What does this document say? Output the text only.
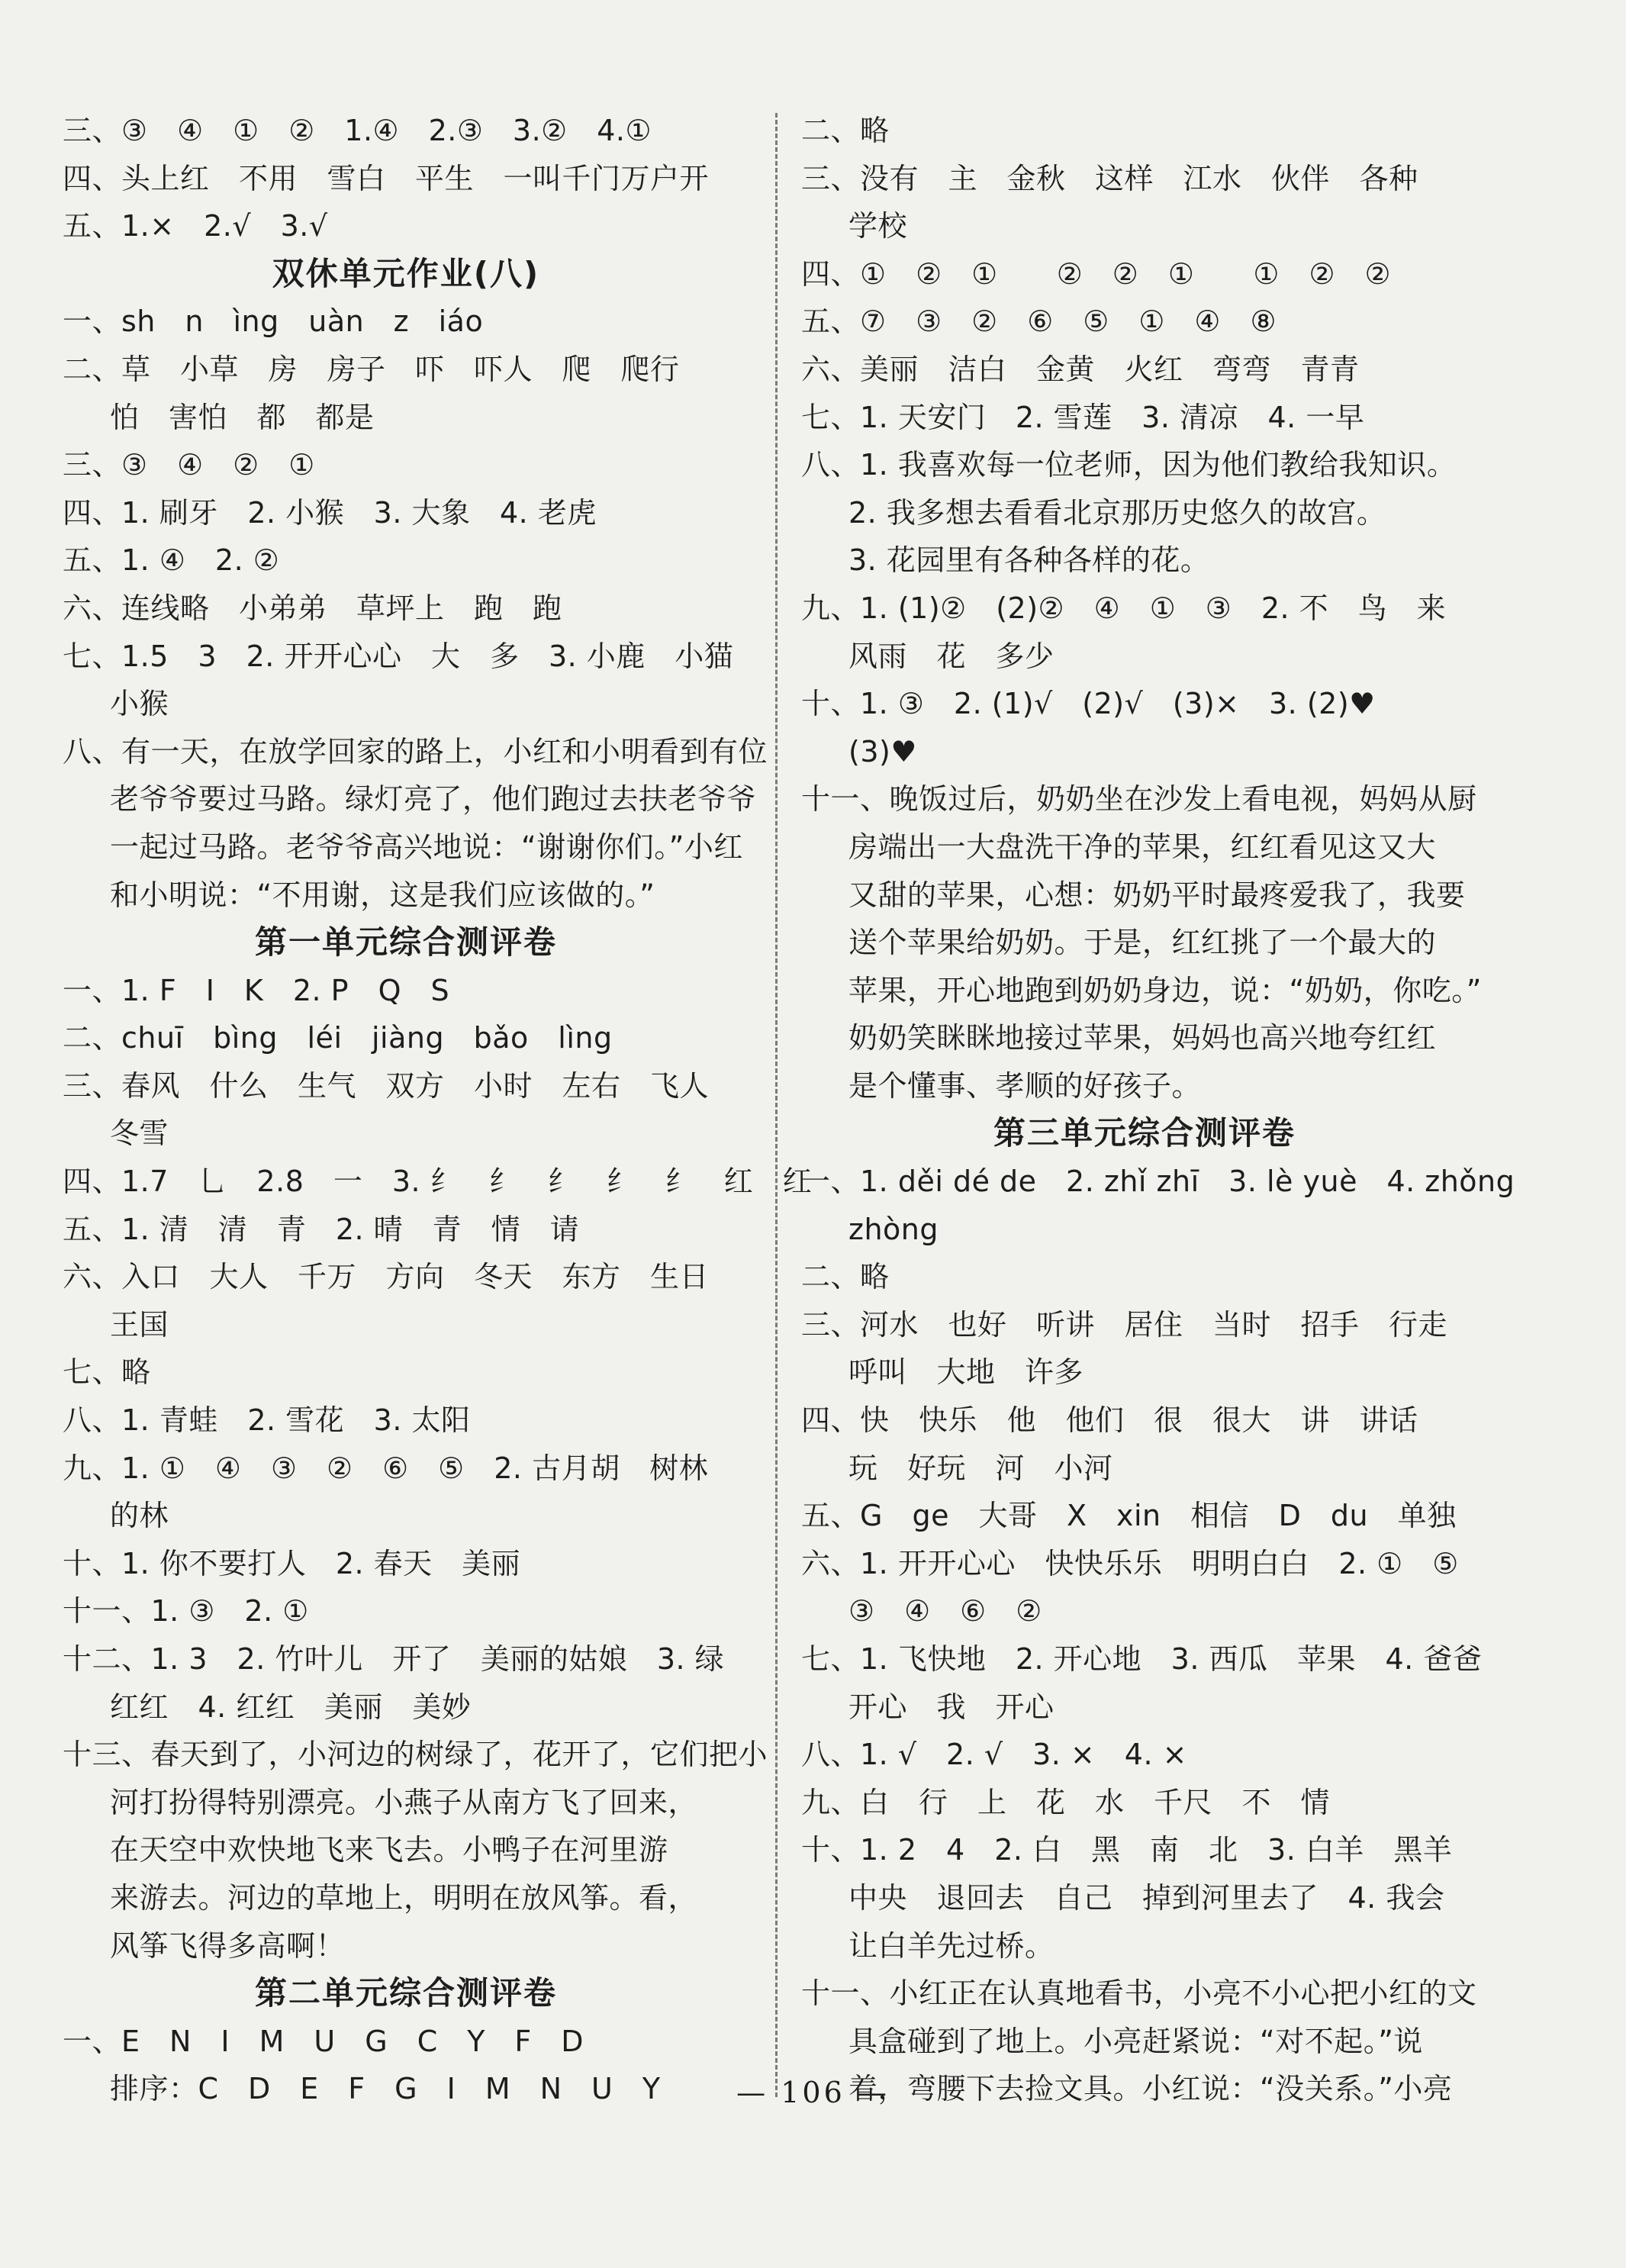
三、③　④　①　②　1.④　2.③　3.②　4.①
四、头上红　不用　雪白　平生　一叫千门万户开
五、1.×　2.√　3.√
双休单元作业(八)
一、sh　n　ìng　uàn　z　iáo
二、草　小草　房　房子　吓　吓人　爬　爬行
怕　害怕　都　都是
三、③　④　②　①
四、1. 刷牙　2. 小猴　3. 大象　4. 老虎
五、1. ④　2. ②
六、连线略　小弟弟　草坪上　跑　跑
七、1.5　3　2. 开开心心　大　多　3. 小鹿　小猫
小猴
八、有一天，在放学回家的路上，小红和小明看到有位
老爷爷要过马路。绿灯亮了，他们跑过去扶老爷爷
一起过马路。老爷爷高兴地说：“谢谢你们。”小红
和小明说：“不用谢，这是我们应该做的。”
第一单元综合测评卷
一、1. F　I　K　2. P　Q　S
二、chuī　bìng　léi　jiàng　bǎo　lìng
三、春风　什么　生气　双方　小时　左右　飞人
冬雪
四、1.7　乚　2.8　一　3. 纟　纟　纟　纟　纟　红　红
五、1. 清　清　青　2. 晴　青　情　请
六、入口　大人　千万　方向　冬天　东方　生日
王国
七、略
八、1. 青蛙　2. 雪花　3. 太阳
九、1. ①　④　③　②　⑥　⑤　2. 古月胡　树林
的林
十、1. 你不要打人　2. 春天　美丽
十一、1. ③　2. ①
十二、1. 3　2. 竹叶儿　开了　美丽的姑娘　3. 绿
红红　4. 红红　美丽　美妙
十三、春天到了，小河边的树绿了，花开了，它们把小
河打扮得特别漂亮。小燕子从南方飞了回来，
在天空中欢快地飞来飞去。小鸭子在河里游
来游去。河边的草地上，明明在放风筝。看，
风筝飞得多高啊！
第二单元综合测评卷
一、E　N　I　M　U　G　C　Y　F　D
排序：C　D　E　F　G　I　M　N　U　Y
二、略
三、没有　主　金秋　这样　江水　伙伴　各种
学校
四、①　②　①　　②　②　①　　①　②　②
五、⑦　③　②　⑥　⑤　①　④　⑧
六、美丽　洁白　金黄　火红　弯弯　青青
七、1. 天安门　2. 雪莲　3. 清凉　4. 一早
八、1. 我喜欢每一位老师，因为他们教给我知识。
2. 我多想去看看北京那历史悠久的故宫。
3. 花园里有各种各样的花。
九、1. (1)②　(2)②　④　①　③　2. 不　鸟　来
风雨　花　多少
十、1. ③　2. (1)√　(2)√　(3)×　3. (2)♥
(3)♥
十一、晚饭过后，奶奶坐在沙发上看电视，妈妈从厨
房端出一大盘洗干净的苹果，红红看见这又大
又甜的苹果，心想：奶奶平时最疼爱我了，我要
送个苹果给奶奶。于是，红红挑了一个最大的
苹果，开心地跑到奶奶身边，说：“奶奶，你吃。”
奶奶笑眯眯地接过苹果，妈妈也高兴地夸红红
是个懂事、孝顺的好孩子。
第三单元综合测评卷
一、1. děi dé de　2. zhǐ zhī　3. lè yuè　4. zhǒng
zhòng
二、略
三、河水　也好　听讲　居住　当时　招手　行走
呼叫　大地　许多
四、快　快乐　他　他们　很　很大　讲　讲话
玩　好玩　河　小河
五、G　ge　大哥　X　xin　相信　D　du　单独
六、1. 开开心心　快快乐乐　明明白白　2. ①　⑤
③　④　⑥　②
七、1. 飞快地　2. 开心地　3. 西瓜　苹果　4. 爸爸
开心　我　开心
八、1. √　2. √　3. ×　4. ×
九、白　行　上　花　水　千尺　不　情
十、1. 2　4　2. 白　黑　南　北　3. 白羊　黑羊
中央　退回去　自己　掉到河里去了　4. 我会
让白羊先过桥。
十一、小红正在认真地看书，小亮不小心把小红的文
具盒碰到了地上。小亮赶紧说：“对不起。”说
着，弯腰下去捡文具。小红说：“没关系。”小亮
— 106 —
